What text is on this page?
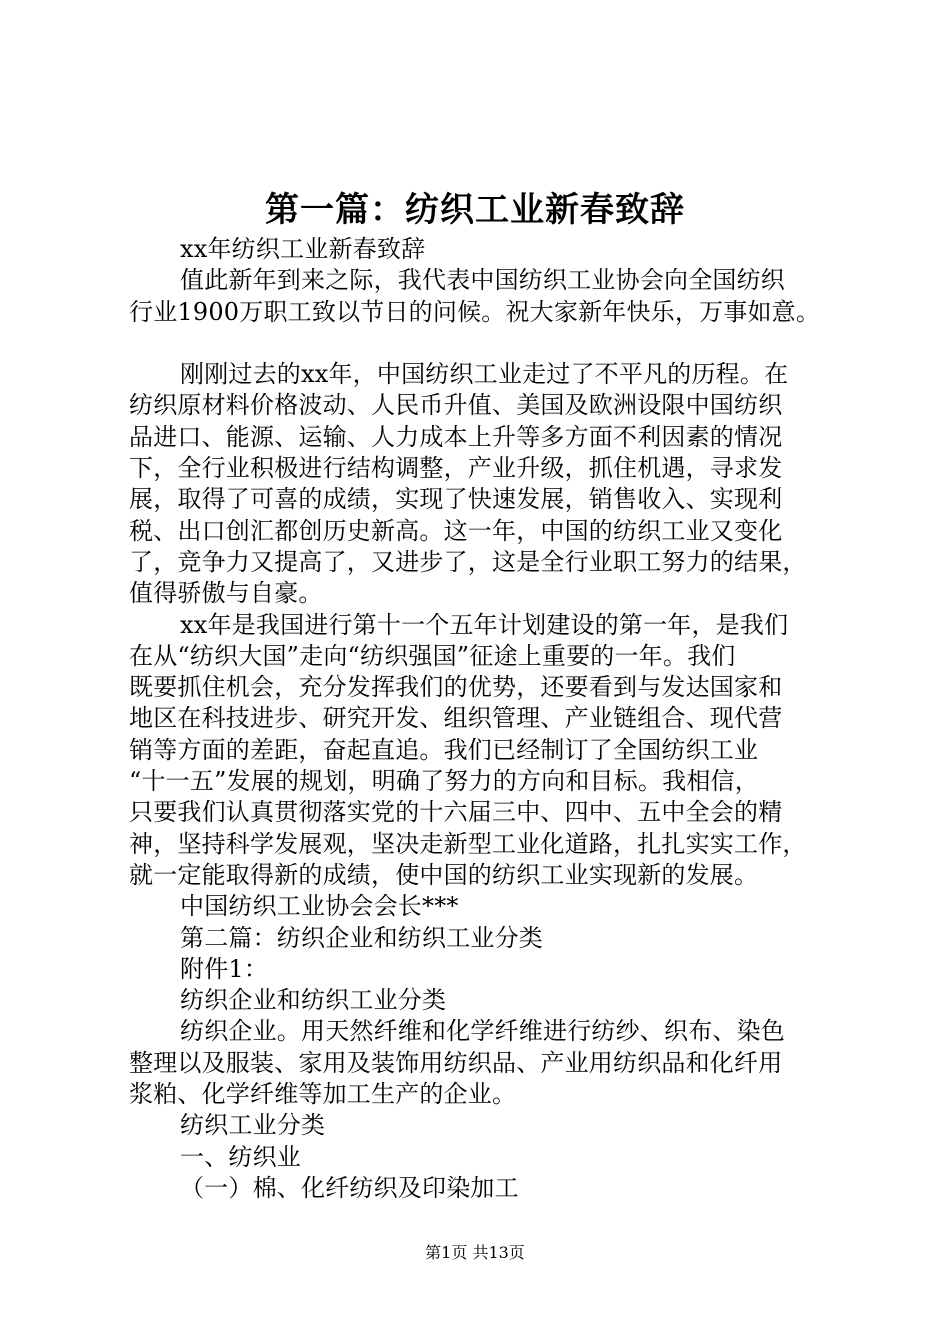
第一篇：纺织工业新春致辞
xx年纺织工业新春致辞
值此新年到来之际，我代表中国纺织工业协会向全国纺织
行业1900万职工致以节日的问候。祝大家新年快乐，万事如意。
刚刚过去的xx年，中国纺织工业走过了不平凡的历程。在
纺织原材料价格波动、人民币升值、美国及欧洲设限中国纺织
品进口、能源、运输、人力成本上升等多方面不利因素的情况
下，全行业积极进行结构调整，产业升级，抓住机遇，寻求发
展，取得了可喜的成绩，实现了快速发展，销售收入、实现利
税、出口创汇都创历史新高。这一年，中国的纺织工业又变化
了，竞争力又提高了，又进步了，这是全行业职工努力的结果，
值得骄傲与自豪。
xx年是我国进行第十一个五年计划建设的第一年，是我们
在从“纺织大国”走向“纺织强国”征途上重要的一年。我们
既要抓住机会，充分发挥我们的优势，还要看到与发达国家和
地区在科技进步、研究开发、组织管理、产业链组合、现代营
销等方面的差距，奋起直追。我们已经制订了全国纺织工业
“十一五”发展的规划，明确了努力的方向和目标。我相信，
只要我们认真贯彻落实党的十六届三中、四中、五中全会的精
神，坚持科学发展观，坚决走新型工业化道路，扎扎实实工作，
就一定能取得新的成绩，使中国的纺织工业实现新的发展。
中国纺织工业协会会长***
第二篇：纺织企业和纺织工业分类
附件1：
纺织企业和纺织工业分类
纺织企业。用天然纤维和化学纤维进行纺纱、织布、染色
整理以及服装、家用及装饰用纺织品、产业用纺织品和化纤用
浆粕、化学纤维等加工生产的企业。
纺织工业分类
一、纺织业
（一）棉、化纤纺织及印染加工
第1页 共13页
